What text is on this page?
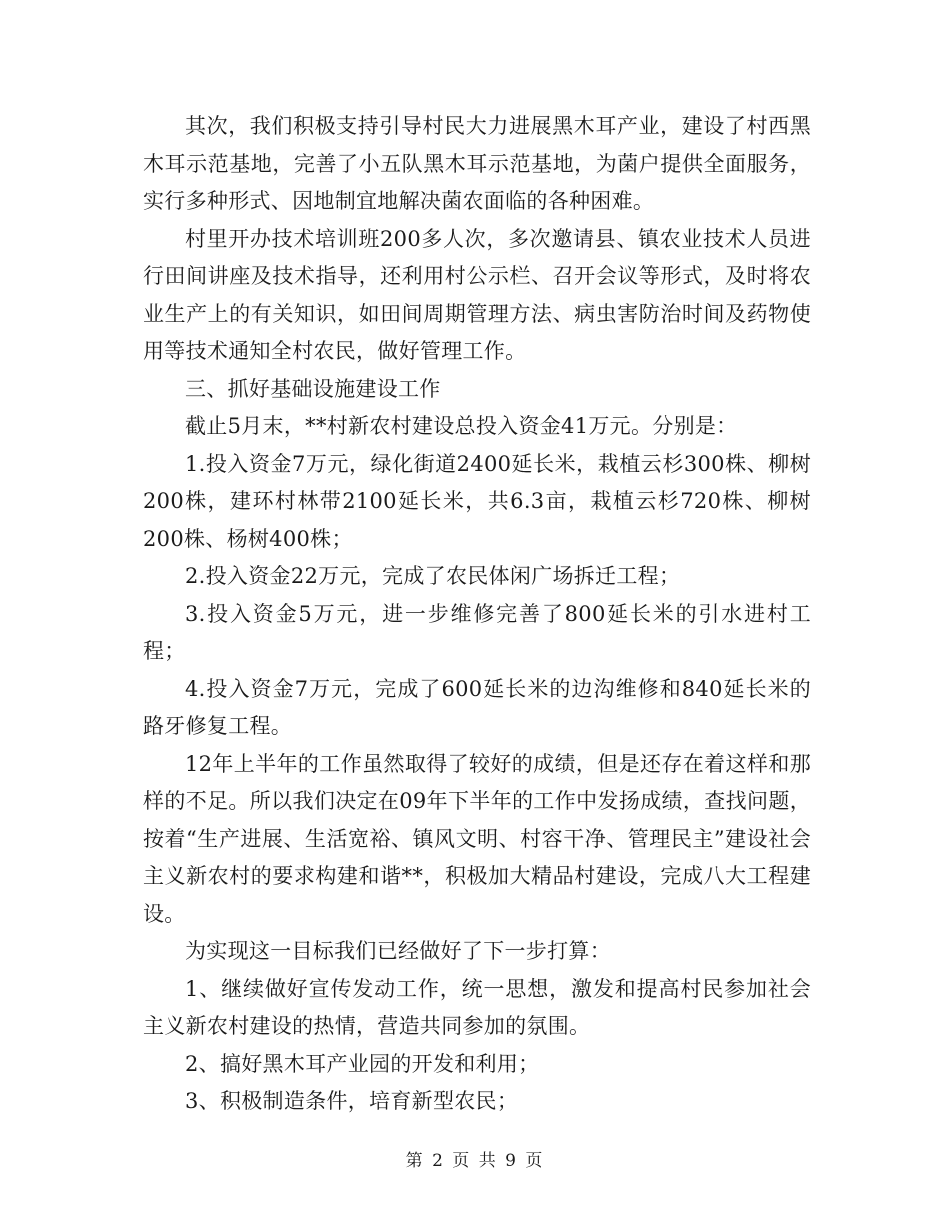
其次，我们积极支持引导村民大力进展黑木耳产业，建设了村西黑木耳示范基地，完善了小五队黑木耳示范基地，为菌户提供全面服务，实行多种形式、因地制宜地解决菌农面临的各种困难。

村里开办技术培训班200多人次，多次邀请县、镇农业技术人员进行田间讲座及技术指导，还利用村公示栏、召开会议等形式，及时将农业生产上的有关知识，如田间周期管理方法、病虫害防治时间及药物使用等技术通知全村农民，做好管理工作。

三、抓好基础设施建设工作

截止5月末，**村新农村建设总投入资金41万元。分别是：

1.投入资金7万元，绿化街道2400延长米，栽植云杉300株、柳树200株，建环村林带2100延长米，共6.3亩，栽植云杉720株、柳树200株、杨树400株；

2.投入资金22万元，完成了农民体闲广场拆迁工程；

3.投入资金5万元，进一步维修完善了800延长米的引水进村工程；

4.投入资金7万元，完成了600延长米的边沟维修和840延长米的路牙修复工程。

12年上半年的工作虽然取得了较好的成绩，但是还存在着这样和那样的不足。所以我们决定在09年下半年的工作中发扬成绩，查找问题，按着“生产进展、生活宽裕、镇风文明、村容干净、管理民主”建设社会主义新农村的要求构建和谐**，积极加大精品村建设，完成八大工程建设。

为实现这一目标我们已经做好了下一步打算：

1、继续做好宣传发动工作，统一思想，激发和提高村民参加社会主义新农村建设的热情，营造共同参加的氛围。

2、搞好黑木耳产业园的开发和利用；

3、积极制造条件，培育新型农民；

第 2 页 共 9 页
